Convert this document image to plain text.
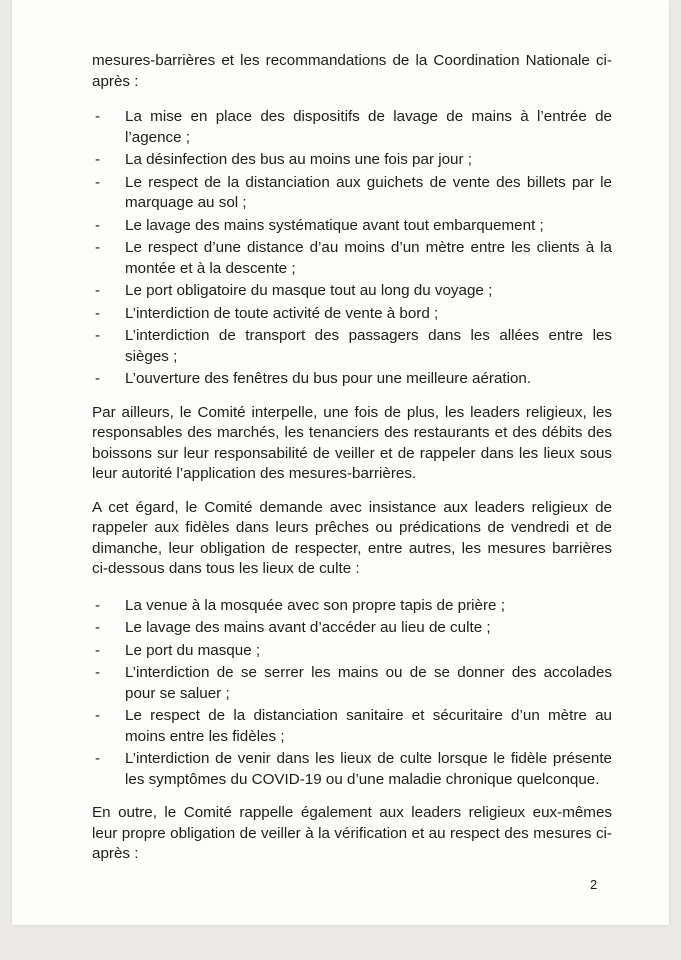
mesures-barrières et les recommandations de la Coordination Nationale ci-après :

- La mise en place des dispositifs de lavage de mains à l’entrée de l’agence ;
- La désinfection des bus au moins une fois par jour ;
- Le respect de la distanciation aux guichets de vente des billets par le marquage au sol ;
- Le lavage des mains systématique avant tout embarquement ;
- Le respect d’une distance d’au moins d’un mètre entre les clients à la montée et à la descente ;
- Le port obligatoire du masque tout au long du voyage ;
- L’interdiction de toute activité de vente à bord ;
- L’interdiction de transport des passagers dans les allées entre les sièges ;
- L’ouverture des fenêtres du bus pour une meilleure aération.

Par ailleurs, le Comité interpelle, une fois de plus, les leaders religieux, les responsables des marchés, les tenanciers des restaurants et des débits des boissons sur leur responsabilité de veiller et de rappeler dans les lieux sous leur autorité l’application des mesures-barrières.

A cet égard, le Comité demande avec insistance aux leaders religieux de rappeler aux fidèles dans leurs prêches ou prédications de vendredi et de dimanche, leur obligation de respecter, entre autres, les mesures barrières ci-dessous dans tous les lieux de culte :

- La venue à la mosquée avec son propre tapis de prière ;
- Le lavage des mains avant d’accéder au lieu de culte ;
- Le port du masque ;
- L’interdiction de se serrer les mains ou de se donner des accolades pour se saluer ;
- Le respect de la distanciation sanitaire et sécuritaire d’un mètre au moins entre les fidèles ;
- L’interdiction de venir dans les lieux de culte lorsque le fidèle présente les symptômes du COVID-19 ou d’une maladie chronique quelconque.

En outre, le Comité rappelle également aux leaders religieux eux-mêmes leur propre obligation de veiller à la vérification et au respect des mesures ci-après :

2
